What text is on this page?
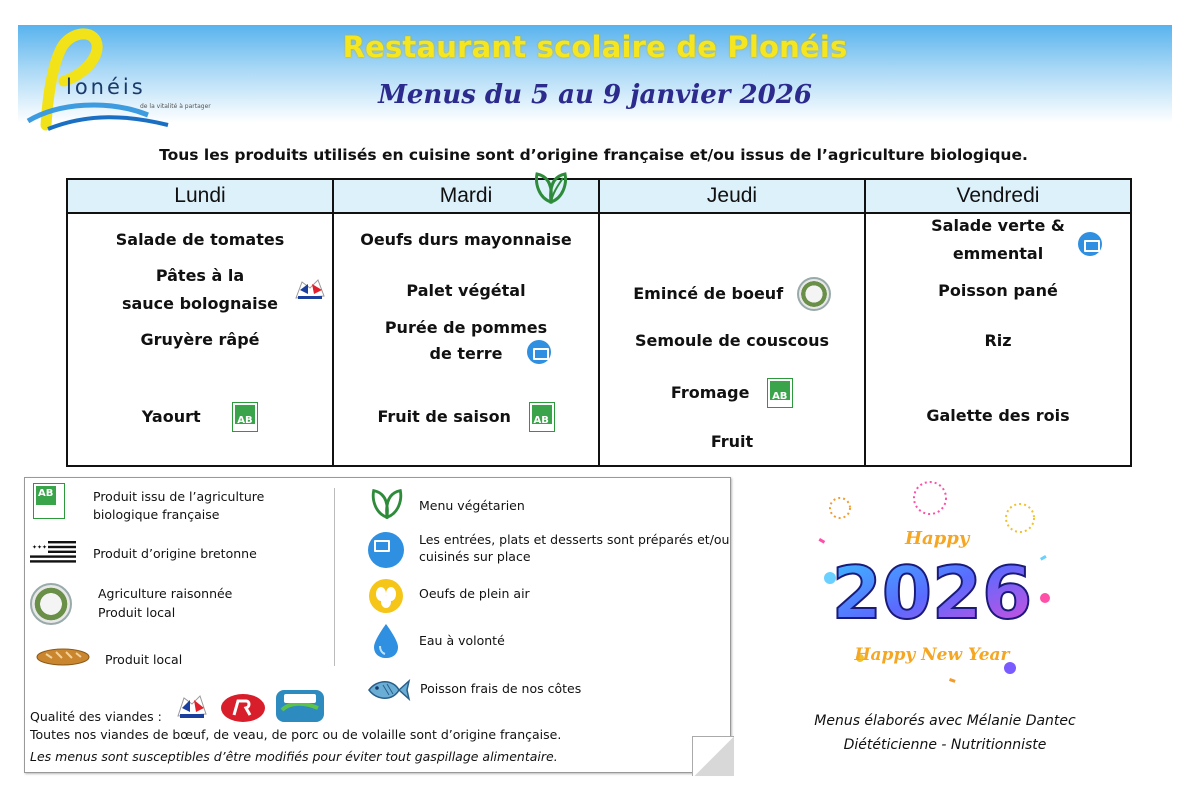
lonéis
de la vitalité à partager
Restaurant scolaire de Plonéis
Menus du 5 au 9 janvier 2026
Tous les produits utilisés en cuisine sont d’origine française et/ou issus de l’agriculture biologique.
Lundi
Salade de tomates
Pâtes à la
sauce bolognaise
Gruyère râpé
Yaourt AB
Mardi
Oeufs durs mayonnaise
Palet végétal
Purée de pommes
de terre
Fruit de saison AB
Jeudi
Emincé de boeuf
Semoule de couscous
Fromage AB
Fruit
Vendredi
Salade verte &
emmental
Poisson pané
Riz
Galette des rois
AB
Produit issu de l’agriculture
biologique française
✦✦✦	Produit d’origine bretonne
Agriculture raisonnée
Produit local
Produit local
Menu végétarien
Les entrées, plats et desserts sont préparés et/ou
cuisinés sur place
Oeufs de plein air
Eau à volonté
Poisson frais de nos côtes
Qualité des viandes :
Toutes nos viandes de bœuf, de veau, de porc ou de volaille sont d’origine française.
Les menus sont susceptibles d’être modifiés pour éviter tout gaspillage alimentaire.
Happy
2026
Happy New Year
Menus élaborés avec Mélanie Dantec
Diététicienne - Nutritionniste
